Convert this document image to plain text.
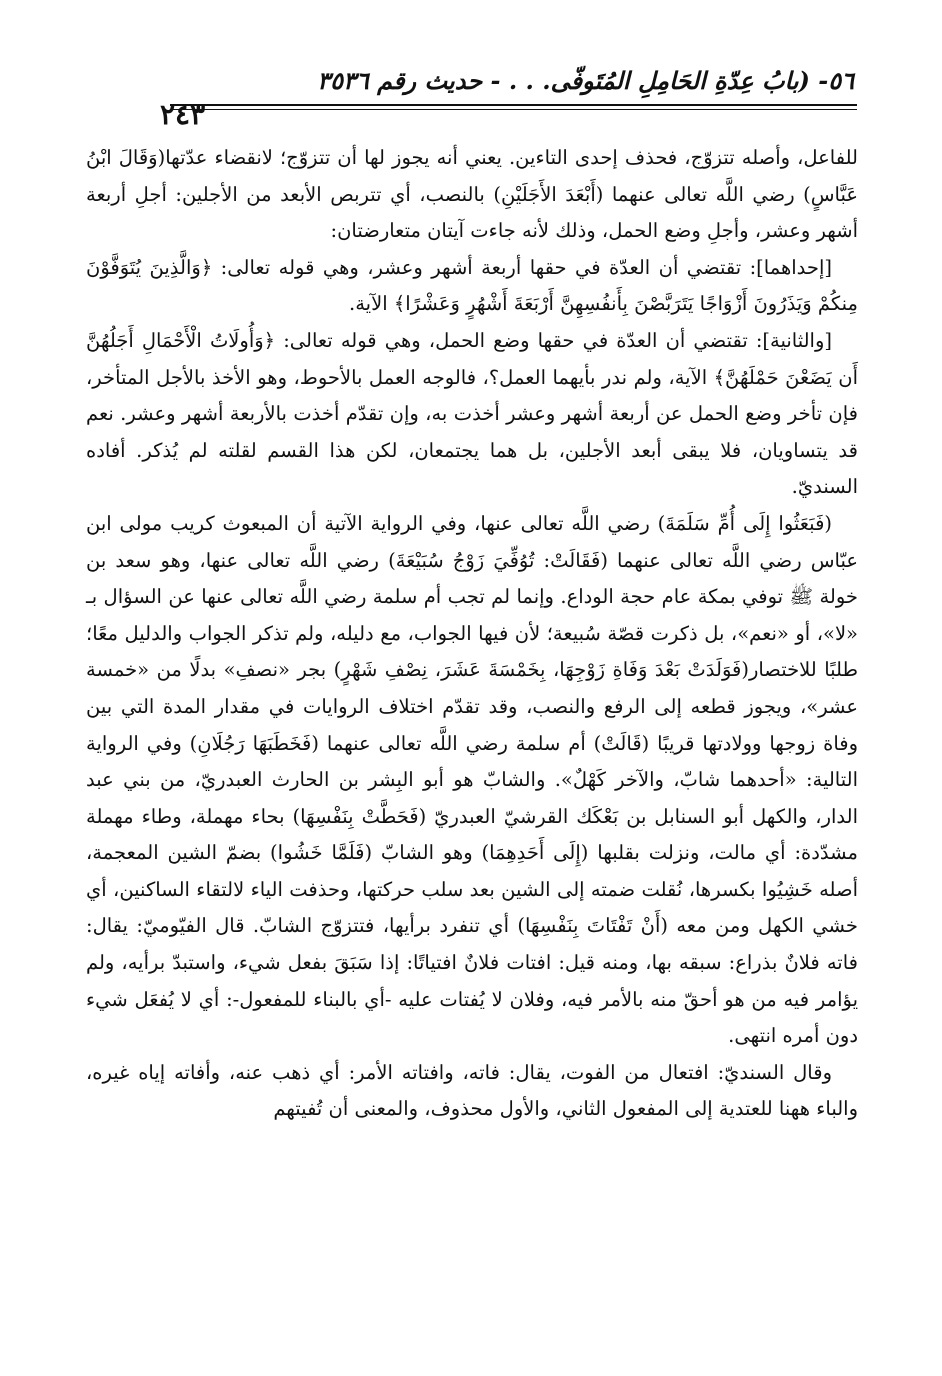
٥٦- (بابُ عِدّةِ الحَامِلِ المُتَوفّى. . . - حديث رقم ٣٥٣٦
٢٤٣

للفاعل، وأصله تتزوّج، فحذف إحدى التاءين. يعني أنه يجوز لها أن تتزوّج؛ لانقضاء عدّتها(وَقَالَ ابْنُ عَبَّاسٍ) رضي اللَّه تعالى عنهما (أَبْعَدَ الأَجَلَيْنِ) بالنصب، أي تتربص الأبعد من الأجلين: أجلِ أربعة أشهر وعشر، وأجلِ وضع الحمل، وذلك لأنه جاءت آيتان متعارضتان:

[إحداهما]: تقتضي أن العدّة في حقها أربعة أشهر وعشر، وهي قوله تعالى: ﴿وَالَّذِينَ يُتَوَفَّوْنَ مِنكُمْ وَيَذَرُونَ أَزْوَاجًا يَتَرَبَّصْنَ بِأَنفُسِهِنَّ أَرْبَعَةَ أَشْهُرٍ وَعَشْرًا﴾ الآية.

[والثانية]: تقتضي أن العدّة في حقها وضع الحمل، وهي قوله تعالى: ﴿وَأُولَاتُ الْأَحْمَالِ أَجَلُهُنَّ أَن يَضَعْنَ حَمْلَهُنَّ﴾ الآية، ولم ندر بأيهما العمل؟، فالوجه العمل بالأحوط، وهو الأخذ بالأجل المتأخر، فإن تأخر وضع الحمل عن أربعة أشهر وعشر أخذت به، وإن تقدّم أخذت بالأربعة أشهر وعشر. نعم قد يتساويان، فلا يبقى أبعد الأجلين، بل هما يجتمعان، لكن هذا القسم لقلته لم يُذكر. أفاده السنديّ.

(فَبَعَثُوا إِلَى أُمِّ سَلَمَةَ) رضي اللَّه تعالى عنها، وفي الرواية الآتية أن المبعوث كريب مولى ابن عبّاس رضي اللَّه تعالى عنهما (فَقَالَتْ: تُوُفِّيَ زَوْجُ سُبَيْعَةَ) رضي اللَّه تعالى عنها، وهو سعد بن خولة ﷺ توفي بمكة عام حجة الوداع. وإنما لم تجب أم سلمة رضي اللَّه تعالى عنها عن السؤال بـ «لا»، أو «نعم»، بل ذكرت قصّة سُبيعة؛ لأن فيها الجواب، مع دليله، ولم تذكر الجواب والدليل معًا؛ طلبًا للاختصار(فَوَلَدَتْ بَعْدَ وَفَاةِ زَوْجِهَا، بِخَمْسَةَ عَشَرَ، نِصْفِ شَهْرٍ) بجر «نصفِ» بدلًا من «خمسة عشر»، ويجوز قطعه إلى الرفع والنصب، وقد تقدّم اختلاف الروايات في مقدار المدة التي بين وفاة زوجها وولادتها قريبًا (قَالَتْ) أم سلمة رضي اللَّه تعالى عنهما (فَخَطَبَهَا رَجُلَانِ) وفي الرواية التالية: «أحدهما شابّ، والآخر كَهْلٌ». والشابّ هو أبو البِشر بن الحارث العبدريّ، من بني عبد الدار، والكهل أبو السنابل بن بَعْكَك القرشيّ العبدريّ (فَحَطَّتْ بِنَفْسِهَا) بحاء مهملة، وطاء مهملة مشدّدة: أي مالت، ونزلت بقلبها (إِلَى أَحَدِهِمَا) وهو الشابّ (فَلَمَّا خَشُوا) بضمّ الشين المعجمة، أصله خَشِيُوا بكسرها، نُقلت ضمته إلى الشين بعد سلب حركتها، وحذفت الياء لالتقاء الساكنين، أي خشي الكهل ومن معه (أَنْ تَفْتَاتَ بِنَفْسِهَا) أي تنفرد برأيها، فتتزوّج الشابّ. قال الفيّوميّ: يقال: فاته فلانٌ بذراع: سبقه بها، ومنه قيل: افتات فلانٌ افتياتًا: إذا سَبَقَ بفعل شيء، واستبدّ برأيه، ولم يؤامر فيه من هو أحقّ منه بالأمر فيه، وفلان لا يُفتات عليه -أي بالبناء للمفعول-: أي لا يُفعَل شيء دون أمره انتهى.

وقال السنديّ: افتعال من الفوت، يقال: فاته، وافتاته الأمر: أي ذهب عنه، وأفاته إياه غيره، والباء ههنا للعتدية إلى المفعول الثاني، والأول محذوف، والمعنى أن تُفيتهم
